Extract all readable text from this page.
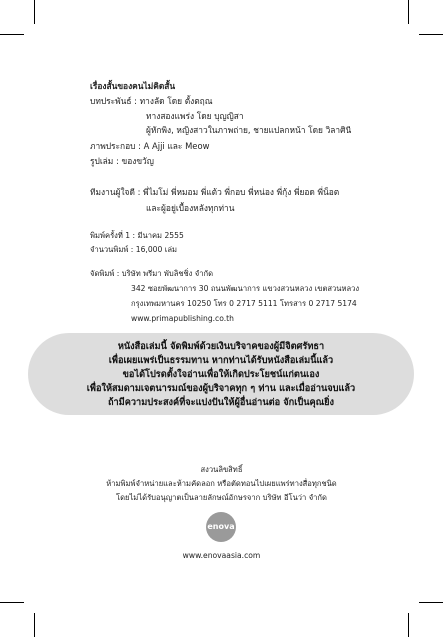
เรื่องสั้นของคนไม่คิดสั้น
บทประพันธ์ : ทางลัด โดย ตั้งตฤณ
ทางสองแพร่ง โดย บุญญิสา
ผู้หักพิง, หญิงสาวในภาพถ่าย, ชายแปลกหน้า โดย วิลาศินี
ภาพประกอบ : A Ajji และ Meow
รูปเล่ม : ของขวัญ
ทีมงานผู้ใจดี : พี่ไมโม่ พี่หมอม พี่แต้ว พี่กอบ พี่หน่อง พี่กุ้ง พี่ยอด พี่น็อต
และผู้อยู่เบื้องหลังทุกท่าน
พิมพ์ครั้งที่ 1 : มีนาคม 2555
จำนวนพิมพ์ : 16,000 เล่ม
จัดพิมพ์ : บริษัท พรีมา พับลิชชิ่ง จำกัด
342 ซอยพัฒนาการ 30 ถนนพัฒนาการ แขวงสวนหลวง เขตสวนหลวง
กรุงเทพมหานคร 10250 โทร 0 2717 5111 โทรสาร 0 2717 5174
www.primapublishing.co.th
หนังสือเล่มนี้ จัดพิมพ์ด้วยเงินบริจาคของผู้มีจิตศรัทธา
เพื่อเผยแพร่เป็นธรรมทาน หากท่านได้รับหนังสือเล่มนี้แล้ว
ขอได้โปรดตั้งใจอ่านเพื่อให้เกิดประโยชน์แก่ตนเอง
เพื่อให้สมดามเจตนารมณ์ของผู้บริจาคทุก ๆ ท่าน และเมื่ออ่านจบแล้ว
ถ้ามีความประสงค์ที่จะแบ่งปันให้ผู้อื่นอ่านต่อ จักเป็นคุณยิ่ง
สงวนลิขสิทธิ์
ห้ามพิมพ์จำหน่ายและห้ามคัดลอก หรือตัดทอนไปเผยแพร่ทางสื่อทุกชนิด
โดยไม่ได้รับอนุญาตเป็นลายลักษณ์อักษรจาก บริษัท อีโนว่า จำกัด
enova
www.enovaasia.com
